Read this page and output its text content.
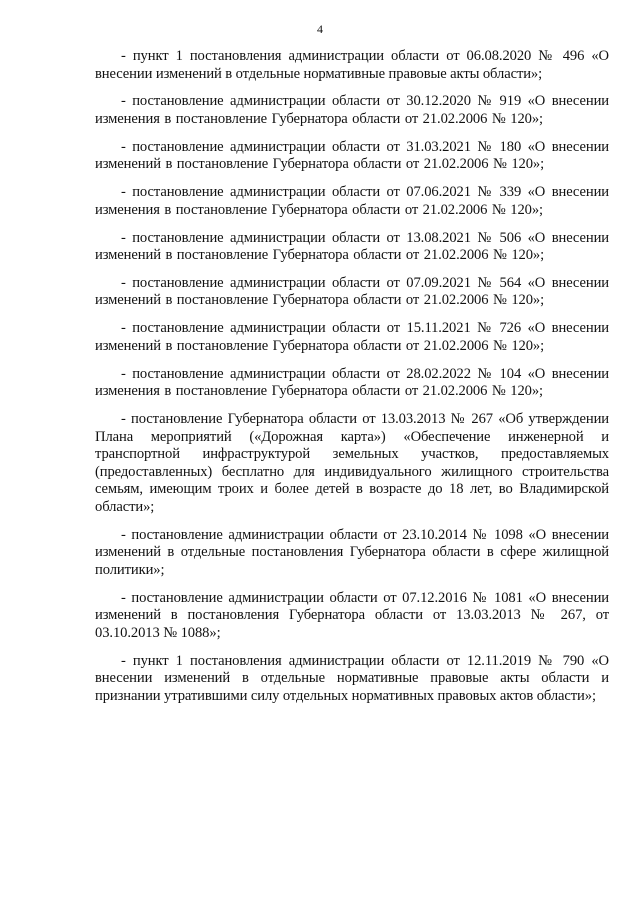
4

- пункт 1 постановления администрации области от 06.08.2020 № 496 «О внесении изменений в отдельные нормативные правовые акты области»;

- постановление администрации области от 30.12.2020 № 919 «О внесении изменения в постановление Губернатора области от 21.02.2006 № 120»;

- постановление администрации области от 31.03.2021 № 180 «О внесении изменений в постановление Губернатора области от 21.02.2006 № 120»;

- постановление администрации области от 07.06.2021 № 339 «О внесении изменения в постановление Губернатора области от 21.02.2006 № 120»;

- постановление администрации области от 13.08.2021 № 506 «О внесении изменений в постановление Губернатора области от 21.02.2006 № 120»;

- постановление администрации области от 07.09.2021 № 564 «О внесении изменений в постановление Губернатора области от 21.02.2006 № 120»;

- постановление администрации области от 15.11.2021 № 726 «О внесении изменений в постановление Губернатора области от 21.02.2006 № 120»;

- постановление администрации области от 28.02.2022 № 104 «О внесении изменения в постановление Губернатора области от 21.02.2006 № 120»;

- постановление Губернатора области от 13.03.2013 № 267 «Об утверждении Плана мероприятий («Дорожная карта») «Обеспечение инженерной и транспортной инфраструктурой земельных участков, предоставляемых (предоставленных) бесплатно для индивидуального жилищного строительства семьям, имеющим троих и более детей в возрасте до 18 лет, во Владимирской области»;

- постановление администрации области от 23.10.2014 № 1098 «О внесении изменений в отдельные постановления Губернатора области в сфере жилищной политики»;

- постановление администрации области от 07.12.2016 № 1081 «О внесении изменений в постановления Губернатора области от 13.03.2013 № 267, от 03.10.2013 № 1088»;

- пункт 1 постановления администрации области от 12.11.2019 № 790 «О внесении изменений в отдельные нормативные правовые акты области и признании утратившими силу отдельных нормативных правовых актов области»;
